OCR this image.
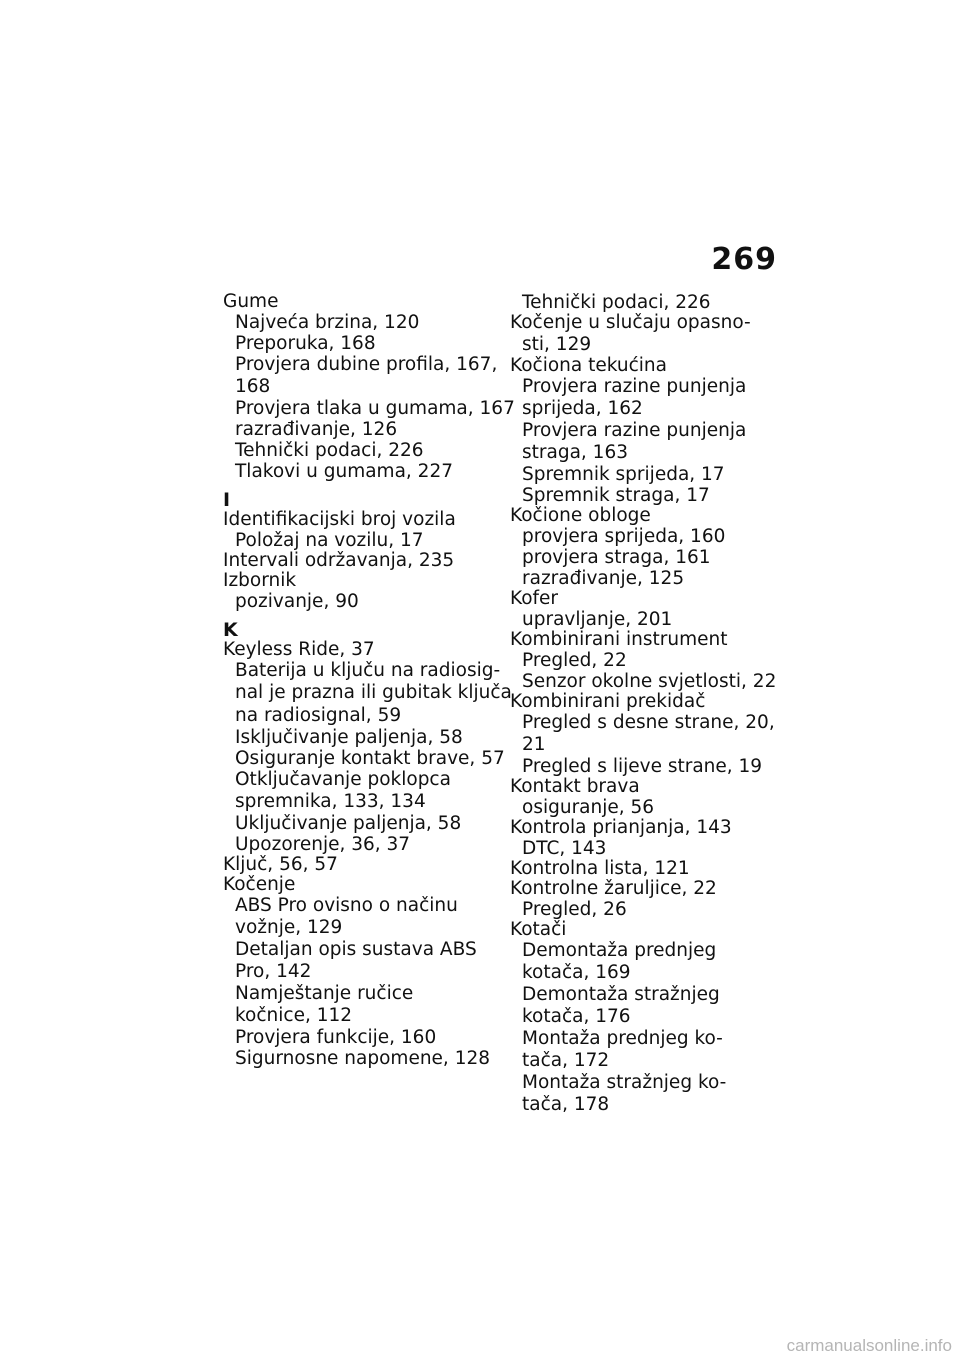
269
Gume
Najveća brzina, 120
Preporuka, 168
Provjera dubine profila, 167,
168
Provjera tlaka u gumama, 167
razrađivanje, 126
Tehnički podaci, 226
Tlakovi u gumama, 227
I
Identifikacijski broj vozila
Položaj na vozilu, 17
Intervali održavanja, 235
Izbornik
pozivanje, 90
K
Keyless Ride, 37
Baterija u ključu na radiosig-
nal je prazna ili gubitak ključa
na radiosignal, 59
Isključivanje paljenja, 58
Osiguranje kontakt brave, 57
Otključavanje poklopca
spremnika, 133, 134
Uključivanje paljenja, 58
Upozorenje, 36, 37
Ključ, 56, 57
Kočenje
ABS Pro ovisno o načinu
vožnje, 129
Detaljan opis sustava ABS
Pro, 142
Namještanje ručice
kočnice, 112
Provjera funkcije, 160
Sigurnosne napomene, 128
Tehnički podaci, 226
Kočenje u slučaju opasno-
sti, 129
Kočiona tekućina
Provjera razine punjenja
sprijeda, 162
Provjera razine punjenja
straga, 163
Spremnik sprijeda, 17
Spremnik straga, 17
Kočione obloge
provjera sprijeda, 160
provjera straga, 161
razrađivanje, 125
Kofer
upravljanje, 201
Kombinirani instrument
Pregled, 22
Senzor okolne svjetlosti, 22
Kombinirani prekidač
Pregled s desne strane, 20,
21
Pregled s lijeve strane, 19
Kontakt brava
osiguranje, 56
Kontrola prianjanja, 143
DTC, 143
Kontrolna lista, 121
Kontrolne žaruljice, 22
Pregled, 26
Kotači
Demontaža prednjeg
kotača, 169
Demontaža stražnjeg
kotača, 176
Montaža prednjeg ko-
tača, 172
Montaža stražnjeg ko-
tača, 178
carmanualsonline.info
